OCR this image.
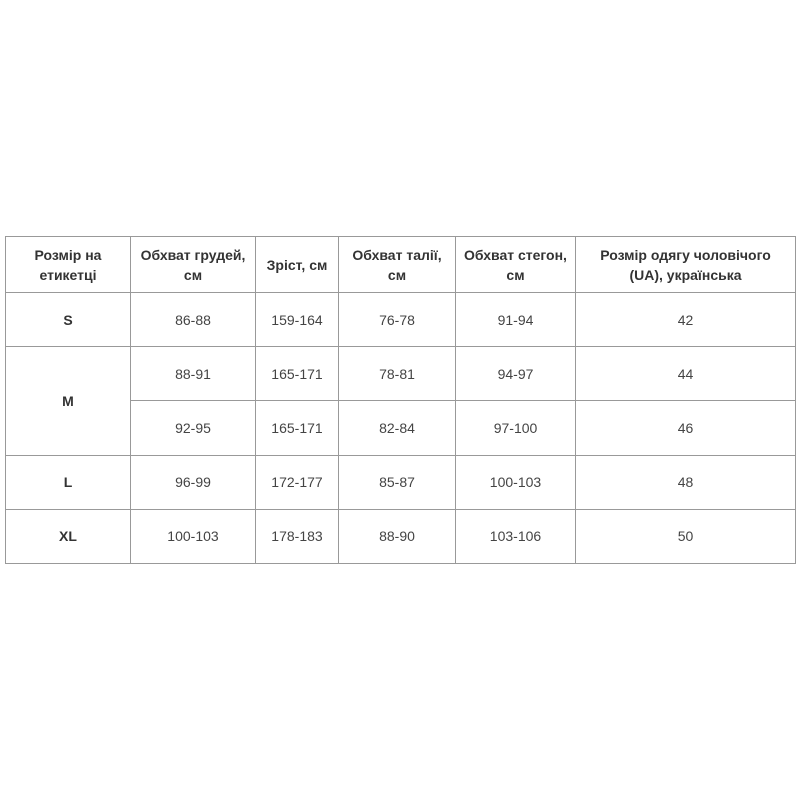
Розмір на етикетці	Обхват грудей, см	Зріст, см	Обхват талії, см	Обхват стегон, см	Розмір одягу чоловічого (UA), українська
S	86-88	159-164	76-78	91-94	42
M	88-91	165-171	78-81	94-97	44
	92-95	165-171	82-84	97-100	46
L	96-99	172-177	85-87	100-103	48
XL	100-103	178-183	88-90	103-106	50
